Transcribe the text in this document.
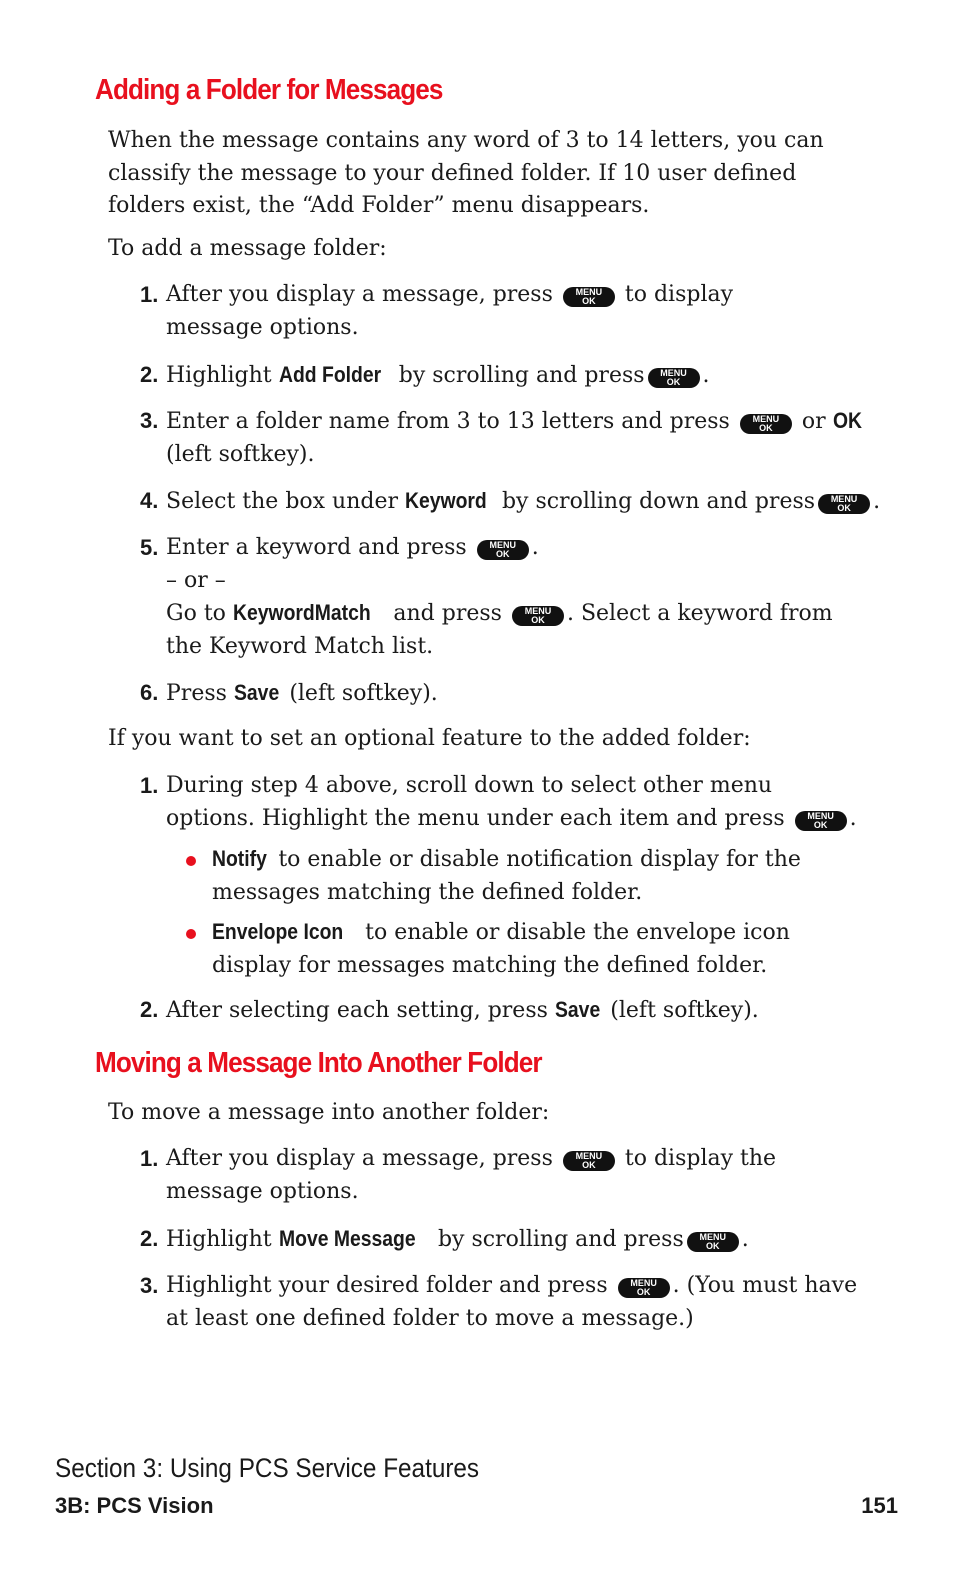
Adding a Folder for Messages

When the message contains any word of 3 to 14 letters, you can classify the message to your defined folder. If 10 user defined folders exist, the “Add Folder” menu disappears.

To add a message folder:

1. After you display a message, press	MENU
OK	to display message options.

2. Highlight Add Folder by scrolling and press	MENU
OK	.

3. Enter a folder name from 3 to 13 letters and press	MENU
OK	or OK
(left softkey).

4. Select the box under Keyword by scrolling down and press	MENU
OK	.

5. Enter a keyword and press	MENU
OK	.
– or –
Go to KeywordMatch and press	MENU
OK	. Select a keyword from the Keyword Match list.

6. Press Save (left softkey).

If you want to set an optional feature to the added folder:

1. During step 4 above, scroll down to select other menu options. Highlight the menu under each item and press	MENU
OK	.

Notify to enable or disable notification display for the messages matching the defined folder.

Envelope Icon to enable or disable the envelope icon display for messages matching the defined folder.

2. After selecting each setting, press Save (left softkey).

Moving a Message Into Another Folder

To move a message into another folder:

1. After you display a message, press	MENU
OK	to display the message options.

2. Highlight Move Message by scrolling and press	MENU
OK	.

3. Highlight your desired folder and press	MENU
OK	. (You must have at least one defined folder to move a message.)

Section 3: Using PCS Service Features
3B: PCS Vision	151
